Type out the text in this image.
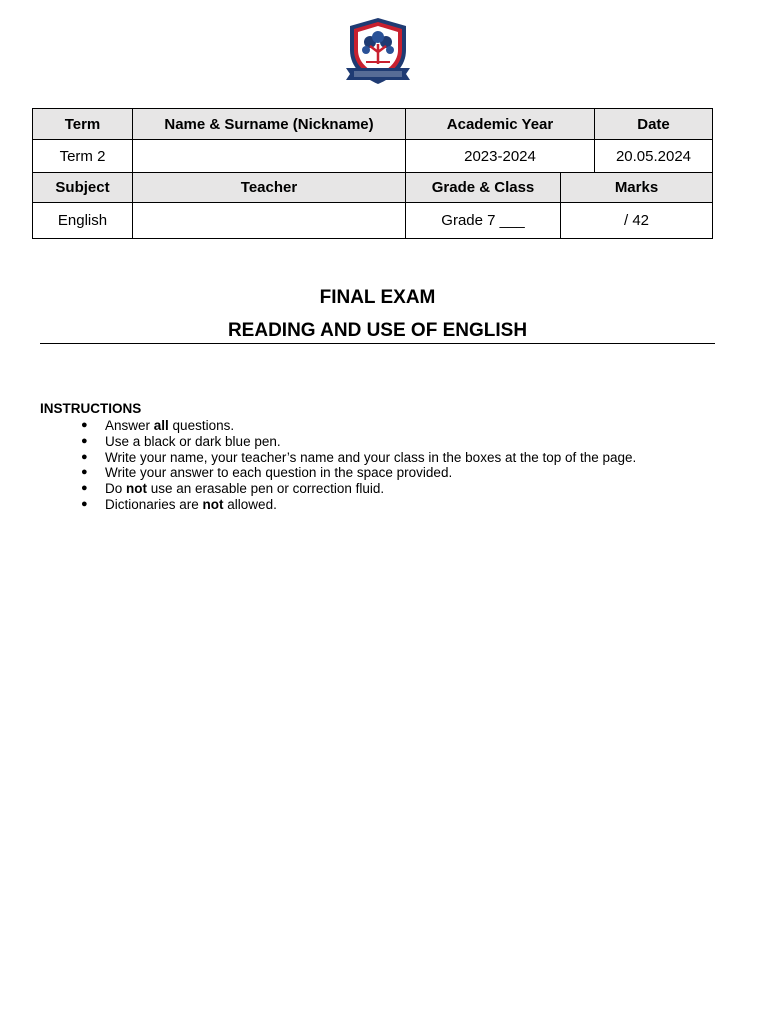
Term	Name & Surname (Nickname)	Academic Year		Date
Term 2		2023-2024		20.05.2024
Subject	Teacher	Grade & Class	Marks	
English		Grade 7 ___	/ 42	
FINAL EXAM
READING AND USE OF ENGLISH

INSTRUCTIONS

● Answer all questions.
● Use a black or dark blue pen.
● Write your name, your teacher’s name and your class in the boxes at the top of the page.
● Write your answer to each question in the space provided.
● Do not use an erasable pen or correction fluid.
● Dictionaries are not allowed.
